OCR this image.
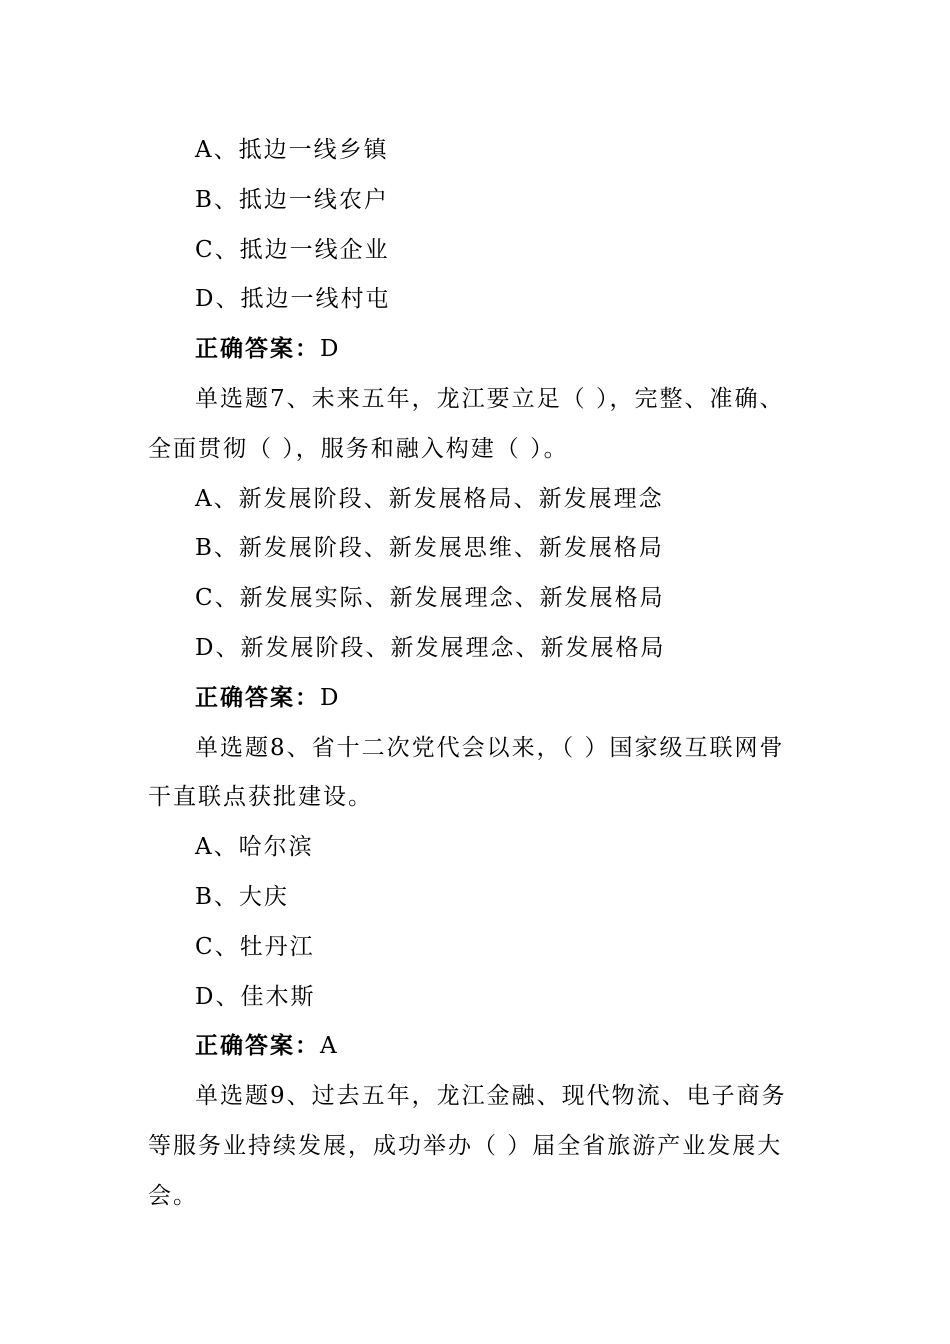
A、抵边一线乡镇
B、抵边一线农户
C、抵边一线企业
D、抵边一线村屯
正确答案：D

单选题7、未来五年，龙江要立足（ ），完整、准确、全面贯彻（ ），服务和融入构建（ ）。

A、新发展阶段、新发展格局、新发展理念
B、新发展阶段、新发展思维、新发展格局
C、新发展实际、新发展理念、新发展格局
D、新发展阶段、新发展理念、新发展格局
正确答案：D

单选题8、省十二次党代会以来，（ ）国家级互联网骨干直联点获批建设。

A、哈尔滨
B、大庆
C、牡丹江
D、佳木斯
正确答案：A

单选题9、过去五年，龙江金融、现代物流、电子商务等服务业持续发展，成功举办（ ）届全省旅游产业发展大会。
